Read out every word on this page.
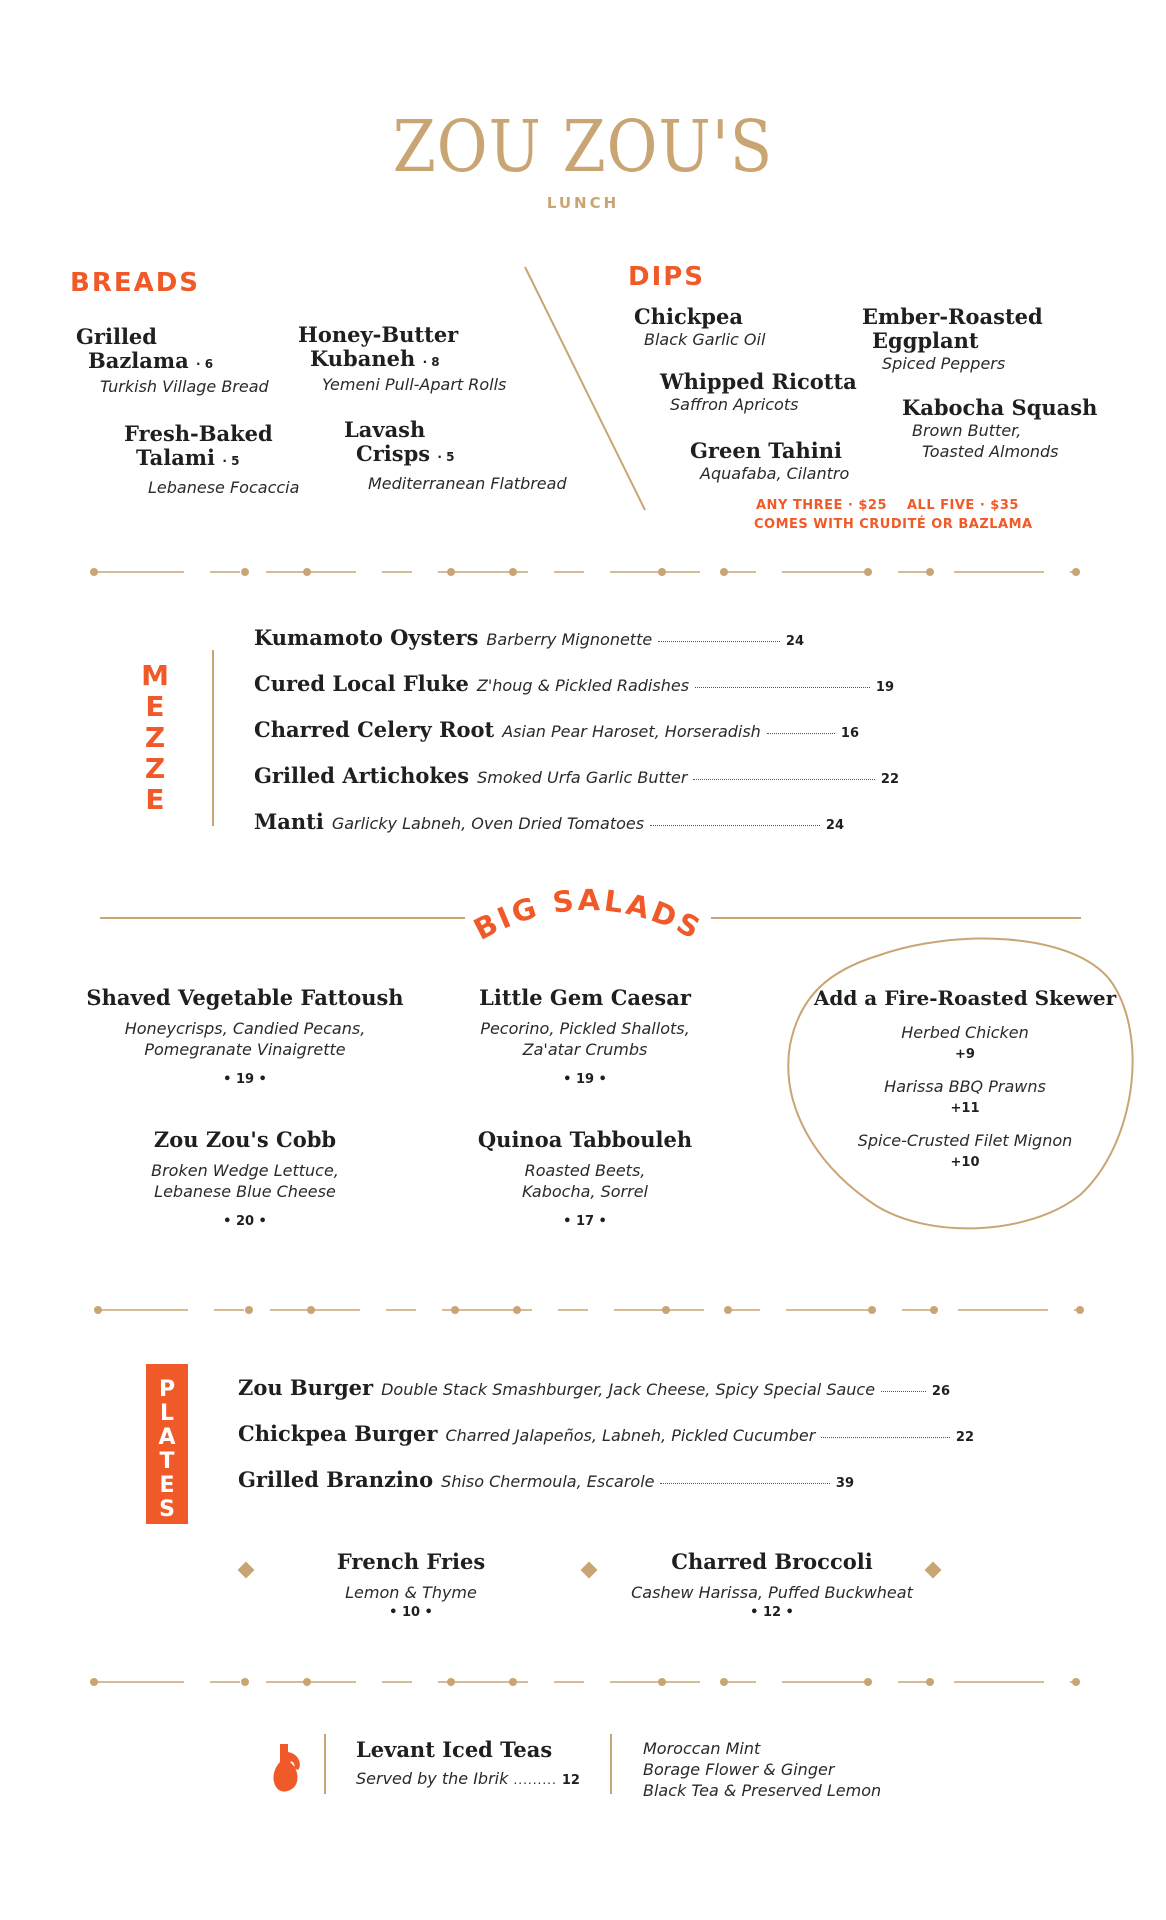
ZOU ZOU'S
LUNCH
BREADS
Grilled
Bazlama · 6
Turkish Village Bread
Honey-Butter
Kubaneh · 8
Yemeni Pull-Apart Rolls
Fresh-Baked
Talami · 5
Lebanese Focaccia
Lavash
Crisps · 5
Mediterranean Flatbread
DIPS
Chickpea
Black Garlic Oil
Whipped Ricotta
Saffron Apricots
Green Tahini
Aquafaba, Cilantro
Ember-Roasted
Eggplant
Spiced Peppers
Kabocha Squash
Brown Butter,
Toasted Almonds
ANY THREE · $25 ALL FIVE · $35
COMES WITH CRUDITÉ OR BAZLAMA
M
E
Z
Z
E
Kumamoto Oysters Barberry Mignonette	24
Cured Local Fluke Z'houg & Pickled Radishes	19
Charred Celery Root Asian Pear Haroset, Horseradish	16
Grilled Artichokes Smoked Urfa Garlic Butter	22
Manti Garlicky Labneh, Oven Dried Tomatoes	24
BIG SALADS
Shaved Vegetable Fattoush
Honeycrisps, Candied Pecans,
Pomegranate Vinaigrette
• 19 •
Little Gem Caesar
Pecorino, Pickled Shallots,
Za'atar Crumbs
• 19 •
Zou Zou's Cobb
Broken Wedge Lettuce,
Lebanese Blue Cheese
• 20 •
Quinoa Tabbouleh
Roasted Beets,
Kabocha, Sorrel
• 17 •
Add a Fire-Roasted Skewer
Herbed Chicken
+9
Harissa BBQ Prawns
+11
Spice-Crusted Filet Mignon
+10
P
L
A
T
E
S
Zou Burger Double Stack Smashburger, Jack Cheese, Spicy Special Sauce	26
Chickpea Burger Charred Jalapeños, Labneh, Pickled Cucumber	22
Grilled Branzino Shiso Chermoula, Escarole	39
French Fries
Lemon & Thyme
• 10 •
Charred Broccoli
Cashew Harissa, Puffed Buckwheat
• 12 •
Levant Iced Teas
Served by the Ibrik ......... 12
Moroccan Mint
Borage Flower & Ginger
Black Tea & Preserved Lemon
